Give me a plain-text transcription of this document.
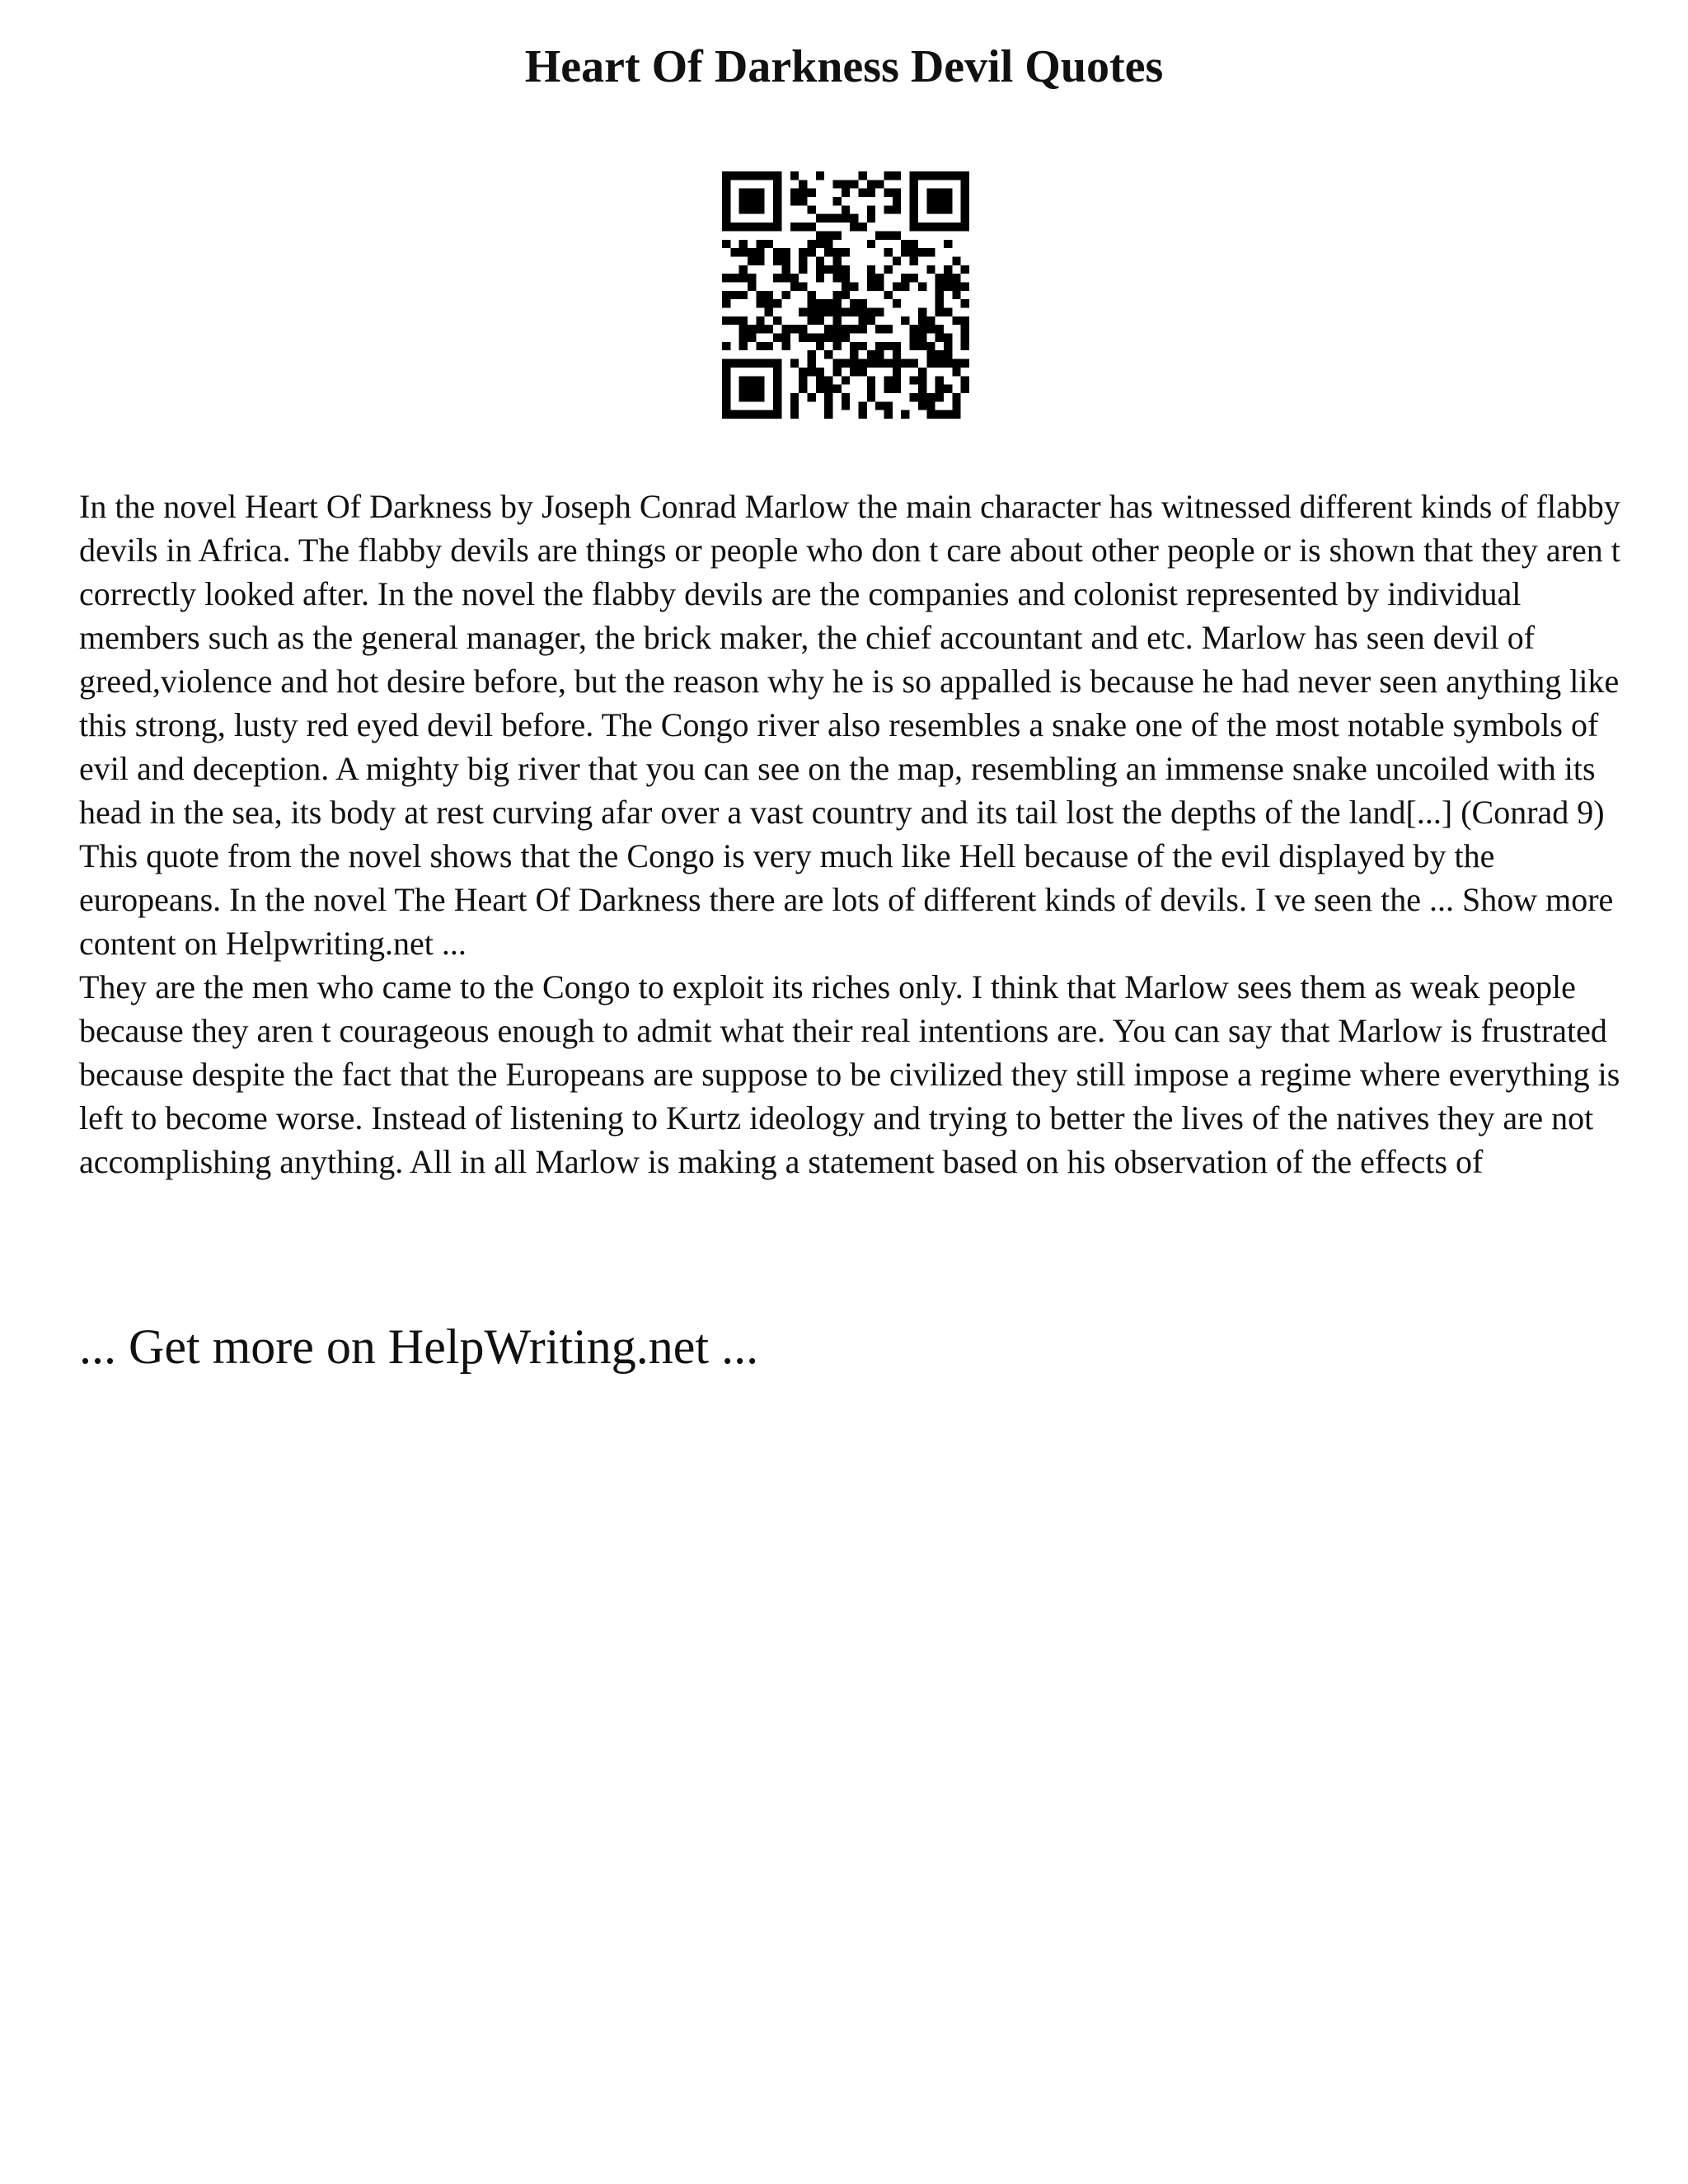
Heart Of Darkness Devil Quotes

In the novel Heart Of Darkness by Joseph Conrad Marlow the main character has witnessed different kinds of flabby devils in Africa. The flabby devils are things or people who don t care about other people or is shown that they aren t correctly looked after. In the novel the flabby devils are the companies and colonist represented by individual members such as the general manager, the brick maker, the chief accountant and etc. Marlow has seen devil of greed,violence and hot desire before, but the reason why he is so appalled is because he had never seen anything like this strong, lusty red eyed devil before. The Congo river also resembles a snake one of the most notable symbols of evil and deception. A mighty big river that you can see on the map, resembling an immense snake uncoiled with its head in the sea, its body at rest curving afar over a vast country and its tail lost the depths of the land[...] (Conrad 9) This quote from the novel shows that the Congo is very much like Hell because of the evil displayed by the europeans. In the novel The Heart Of Darkness there are lots of different kinds of devils. I ve seen the ... Show more content on Helpwriting.net ...

They are the men who came to the Congo to exploit its riches only. I think that Marlow sees them as weak people because they aren t courageous enough to admit what their real intentions are. You can say that Marlow is frustrated because despite the fact that the Europeans are suppose to be civilized they still impose a regime where everything is left to become worse. Instead of listening to Kurtz ideology and trying to better the lives of the natives they are not accomplishing anything. All in all Marlow is making a statement based on his observation of the effects of

... Get more on HelpWriting.net ...
